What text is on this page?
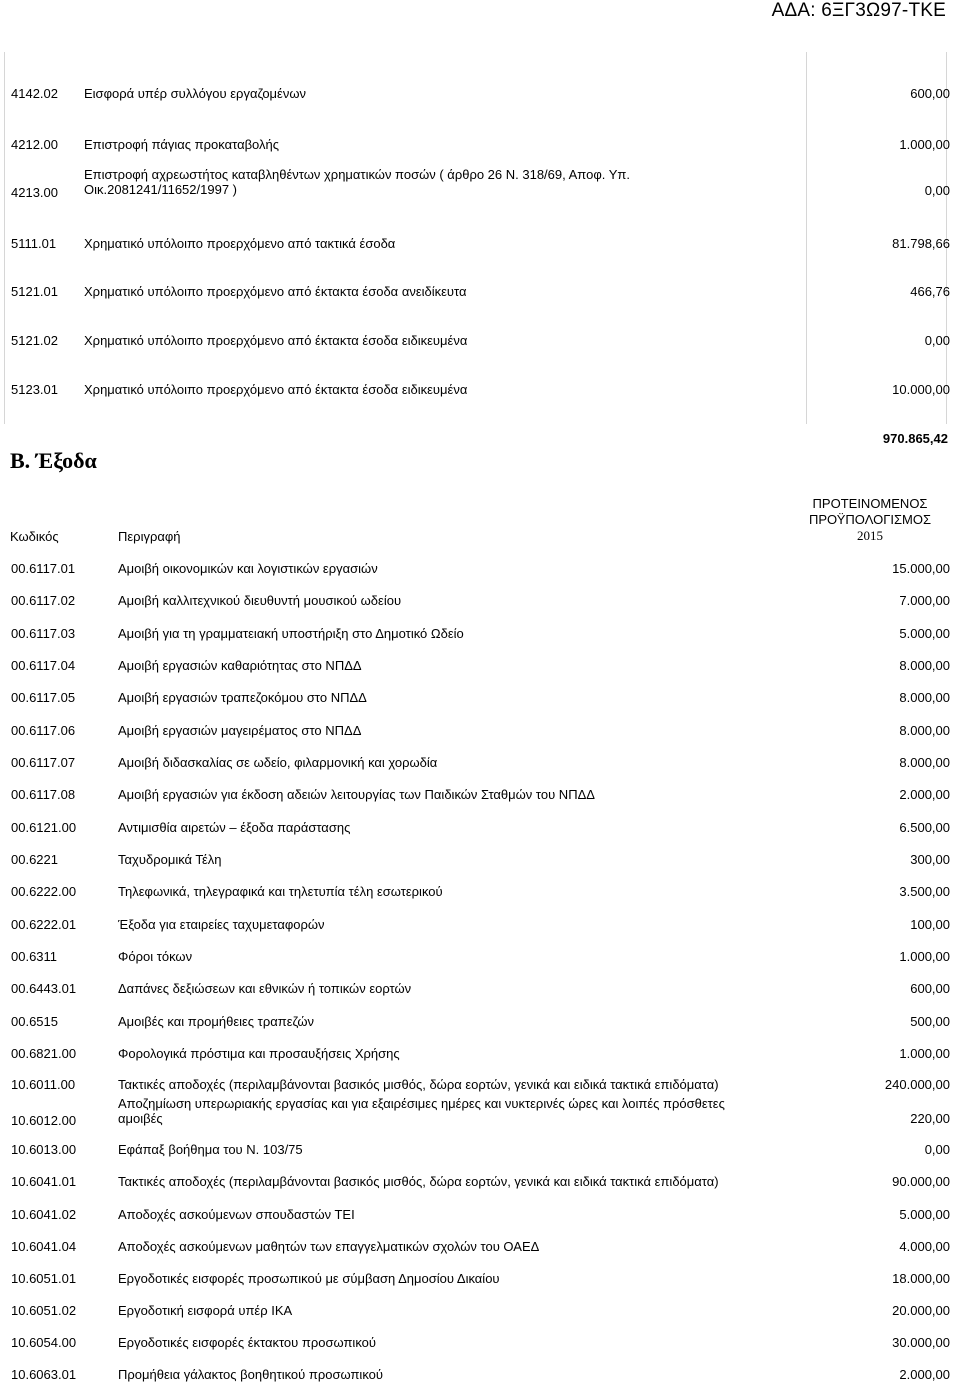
ΑΔΑ: 6ΞΓ3Ω97-ΤΚΕ
4142.02 Εισφορά υπέρ συλλόγου εργαζομένων	600,00
4212.00 Επιστροφή πάγιας προκαταβολής	1.000,00
4213.00
Επιστροφή αχρεωστήτος καταβληθέντων χρηματικών ποσών ( άρθρο 26 Ν. 318/69, Αποφ. Υπ.
Οικ.2081241/11652/1997 )	0,00
5111.01 Χρηματικό υπόλοιπο προερχόμενο από τακτικά έσοδα	81.798,66
5121.01 Χρηματικό υπόλοιπο προερχόμενο από έκτακτα έσοδα ανειδίκευτα	466,76
5121.02 Χρηματικό υπόλοιπο προερχόμενο από έκτακτα έσοδα ειδικευμένα	0,00
5123.01 Χρηματικό υπόλοιπο προερχόμενο από έκτακτα έσοδα ειδικευμένα	10.000,00
970.865,42
Β. Έξοδα
Κωδικός	Περιγραφή
ΠΡΟΤΕΙΝΟΜΕΝΟΣ
ΠΡΟΫΠΟΛΟΓΙΣΜΟΣ
2015
00.6117.01	Αμοιβή οικονομικών και λογιστικών εργασιών	15.000,00
00.6117.02	Αμοιβή καλλιτεχνικού διευθυντή μουσικού ωδείου	7.000,00
00.6117.03	Αμοιβή για τη γραμματειακή υποστήριξη στο Δημοτικό Ωδείο	5.000,00
00.6117.04	Αμοιβή εργασιών καθαριότητας στο ΝΠΔΔ	8.000,00
00.6117.05	Αμοιβή εργασιών τραπεζοκόμου στο ΝΠΔΔ	8.000,00
00.6117.06	Αμοιβή εργασιών μαγειρέματος στο ΝΠΔΔ	8.000,00
00.6117.07	Αμοιβή διδασκαλίας σε ωδείο, φιλαρμονική και χορωδία	8.000,00
00.6117.08	Αμοιβή εργασιών για έκδοση αδειών λειτουργίας των Παιδικών Σταθμών του ΝΠΔΔ	2.000,00
00.6121.00	Αντιμισθία αιρετών – έξοδα παράστασης	6.500,00
00.6221	Ταχυδρομικά Τέλη	300,00
00.6222.00	Τηλεφωνικά, τηλεγραφικά και τηλετυπία τέλη εσωτερικού	3.500,00
00.6222.01	Έξοδα για εταιρείες ταχυμεταφορών	100,00
00.6311	Φόροι τόκων	1.000,00
00.6443.01	Δαπάνες δεξιώσεων και εθνικών ή τοπικών εορτών	600,00
00.6515	Αμοιβές και προμήθειες τραπεζών	500,00
00.6821.00	Φορολογικά πρόστιμα και προσαυξήσεις Χρήσης	1.000,00
10.6011.00	Τακτικές αποδοχές (περιλαμβάνονται βασικός μισθός, δώρα εορτών, γενικά και ειδικά τακτικά επιδόματα)	240.000,00
10.6012.00
Αποζημίωση υπερωριακής εργασίας και για εξαιρέσιμες ημέρες και νυκτερινές ώρες και λοιπές πρόσθετες
αμοιβές	220,00
10.6013.00	Εφάπαξ βοήθημα του Ν. 103/75	0,00
10.6041.01	Τακτικές αποδοχές (περιλαμβάνονται βασικός μισθός, δώρα εορτών, γενικά και ειδικά τακτικά επιδόματα)	90.000,00
10.6041.02	Αποδοχές ασκούμενων σπουδαστών ΤΕΙ	5.000,00
10.6041.04	Αποδοχές ασκούμενων μαθητών των επαγγελματικών σχολών του ΟΑΕΔ	4.000,00
10.6051.01	Εργοδοτικές εισφορές προσωπικού με σύμβαση Δημοσίου Δικαίου	18.000,00
10.6051.02	Εργοδοτική εισφορά υπέρ ΙΚΑ	20.000,00
10.6054.00	Εργοδοτικές εισφορές έκτακτου προσωπικού	30.000,00
10.6063.01	Προμήθεια γάλακτος βοηθητικού προσωπικού	2.000,00
